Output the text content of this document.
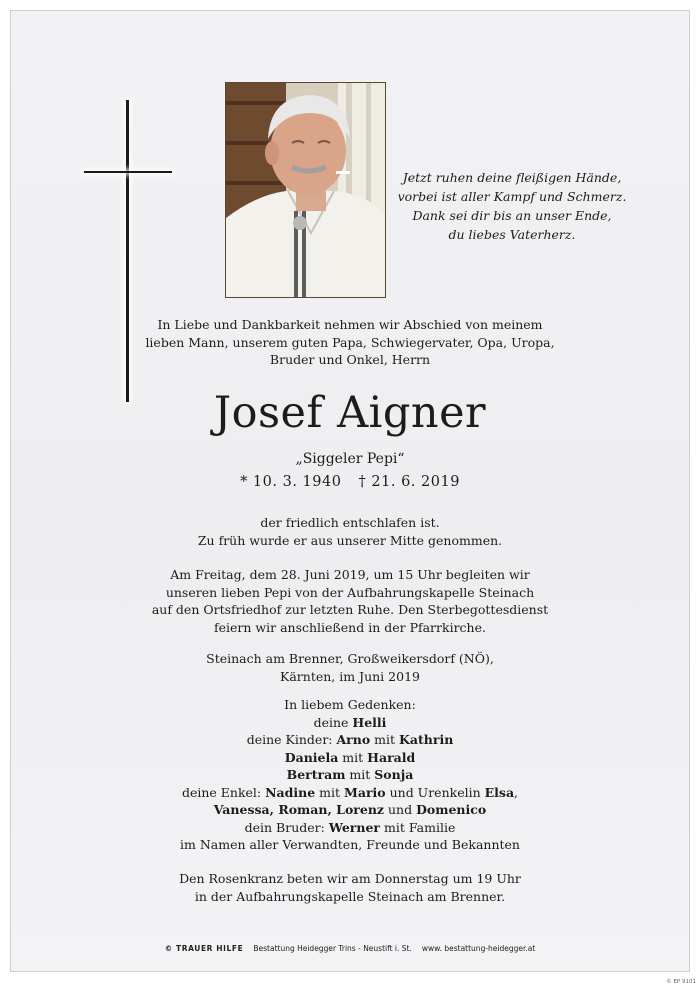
Jetzt ruhen deine fleißigen Hände,
vorbei ist aller Kampf und Schmerz.
Dank sei dir bis an unser Ende,
du liebes Vaterherz.
In Liebe und Dankbarkeit nehmen wir Abschied von meinem
lieben Mann, unserem guten Papa, Schwiegervater, Opa, Uropa,
Bruder und Onkel, Herrn
Josef Aigner
„Siggeler Pepi“
* 10. 3. 1940 † 21. 6. 2019
der friedlich entschlafen ist.
Zu früh wurde er aus unserer Mitte genommen.
Am Freitag, dem 28. Juni 2019, um 15 Uhr begleiten wir
unseren lieben Pepi von der Aufbahrungskapelle Steinach
auf den Ortsfriedhof zur letzten Ruhe. Den Sterbegottesdienst
feiern wir anschließend in der Pfarrkirche.
Steinach am Brenner, Großweikersdorf (NÖ),
Kärnten, im Juni 2019
In liebem Gedenken:
deine Helli
deine Kinder: Arno mit Kathrin
Daniela mit Harald
Bertram mit Sonja
deine Enkel: Nadine mit Mario und Urenkelin Elsa,
Vanessa, Roman, Lorenz und Domenico
dein Bruder: Werner mit Familie
im Namen aller Verwandten, Freunde und Bekannten
Den Rosenkranz beten wir am Donnerstag um 19 Uhr
in der Aufbahrungskapelle Steinach am Brenner.
© TRAUER HILFE Bestattung Heidegger Trins - Neustift i. St. www. bestattung-heidegger.at
© EP 9101
